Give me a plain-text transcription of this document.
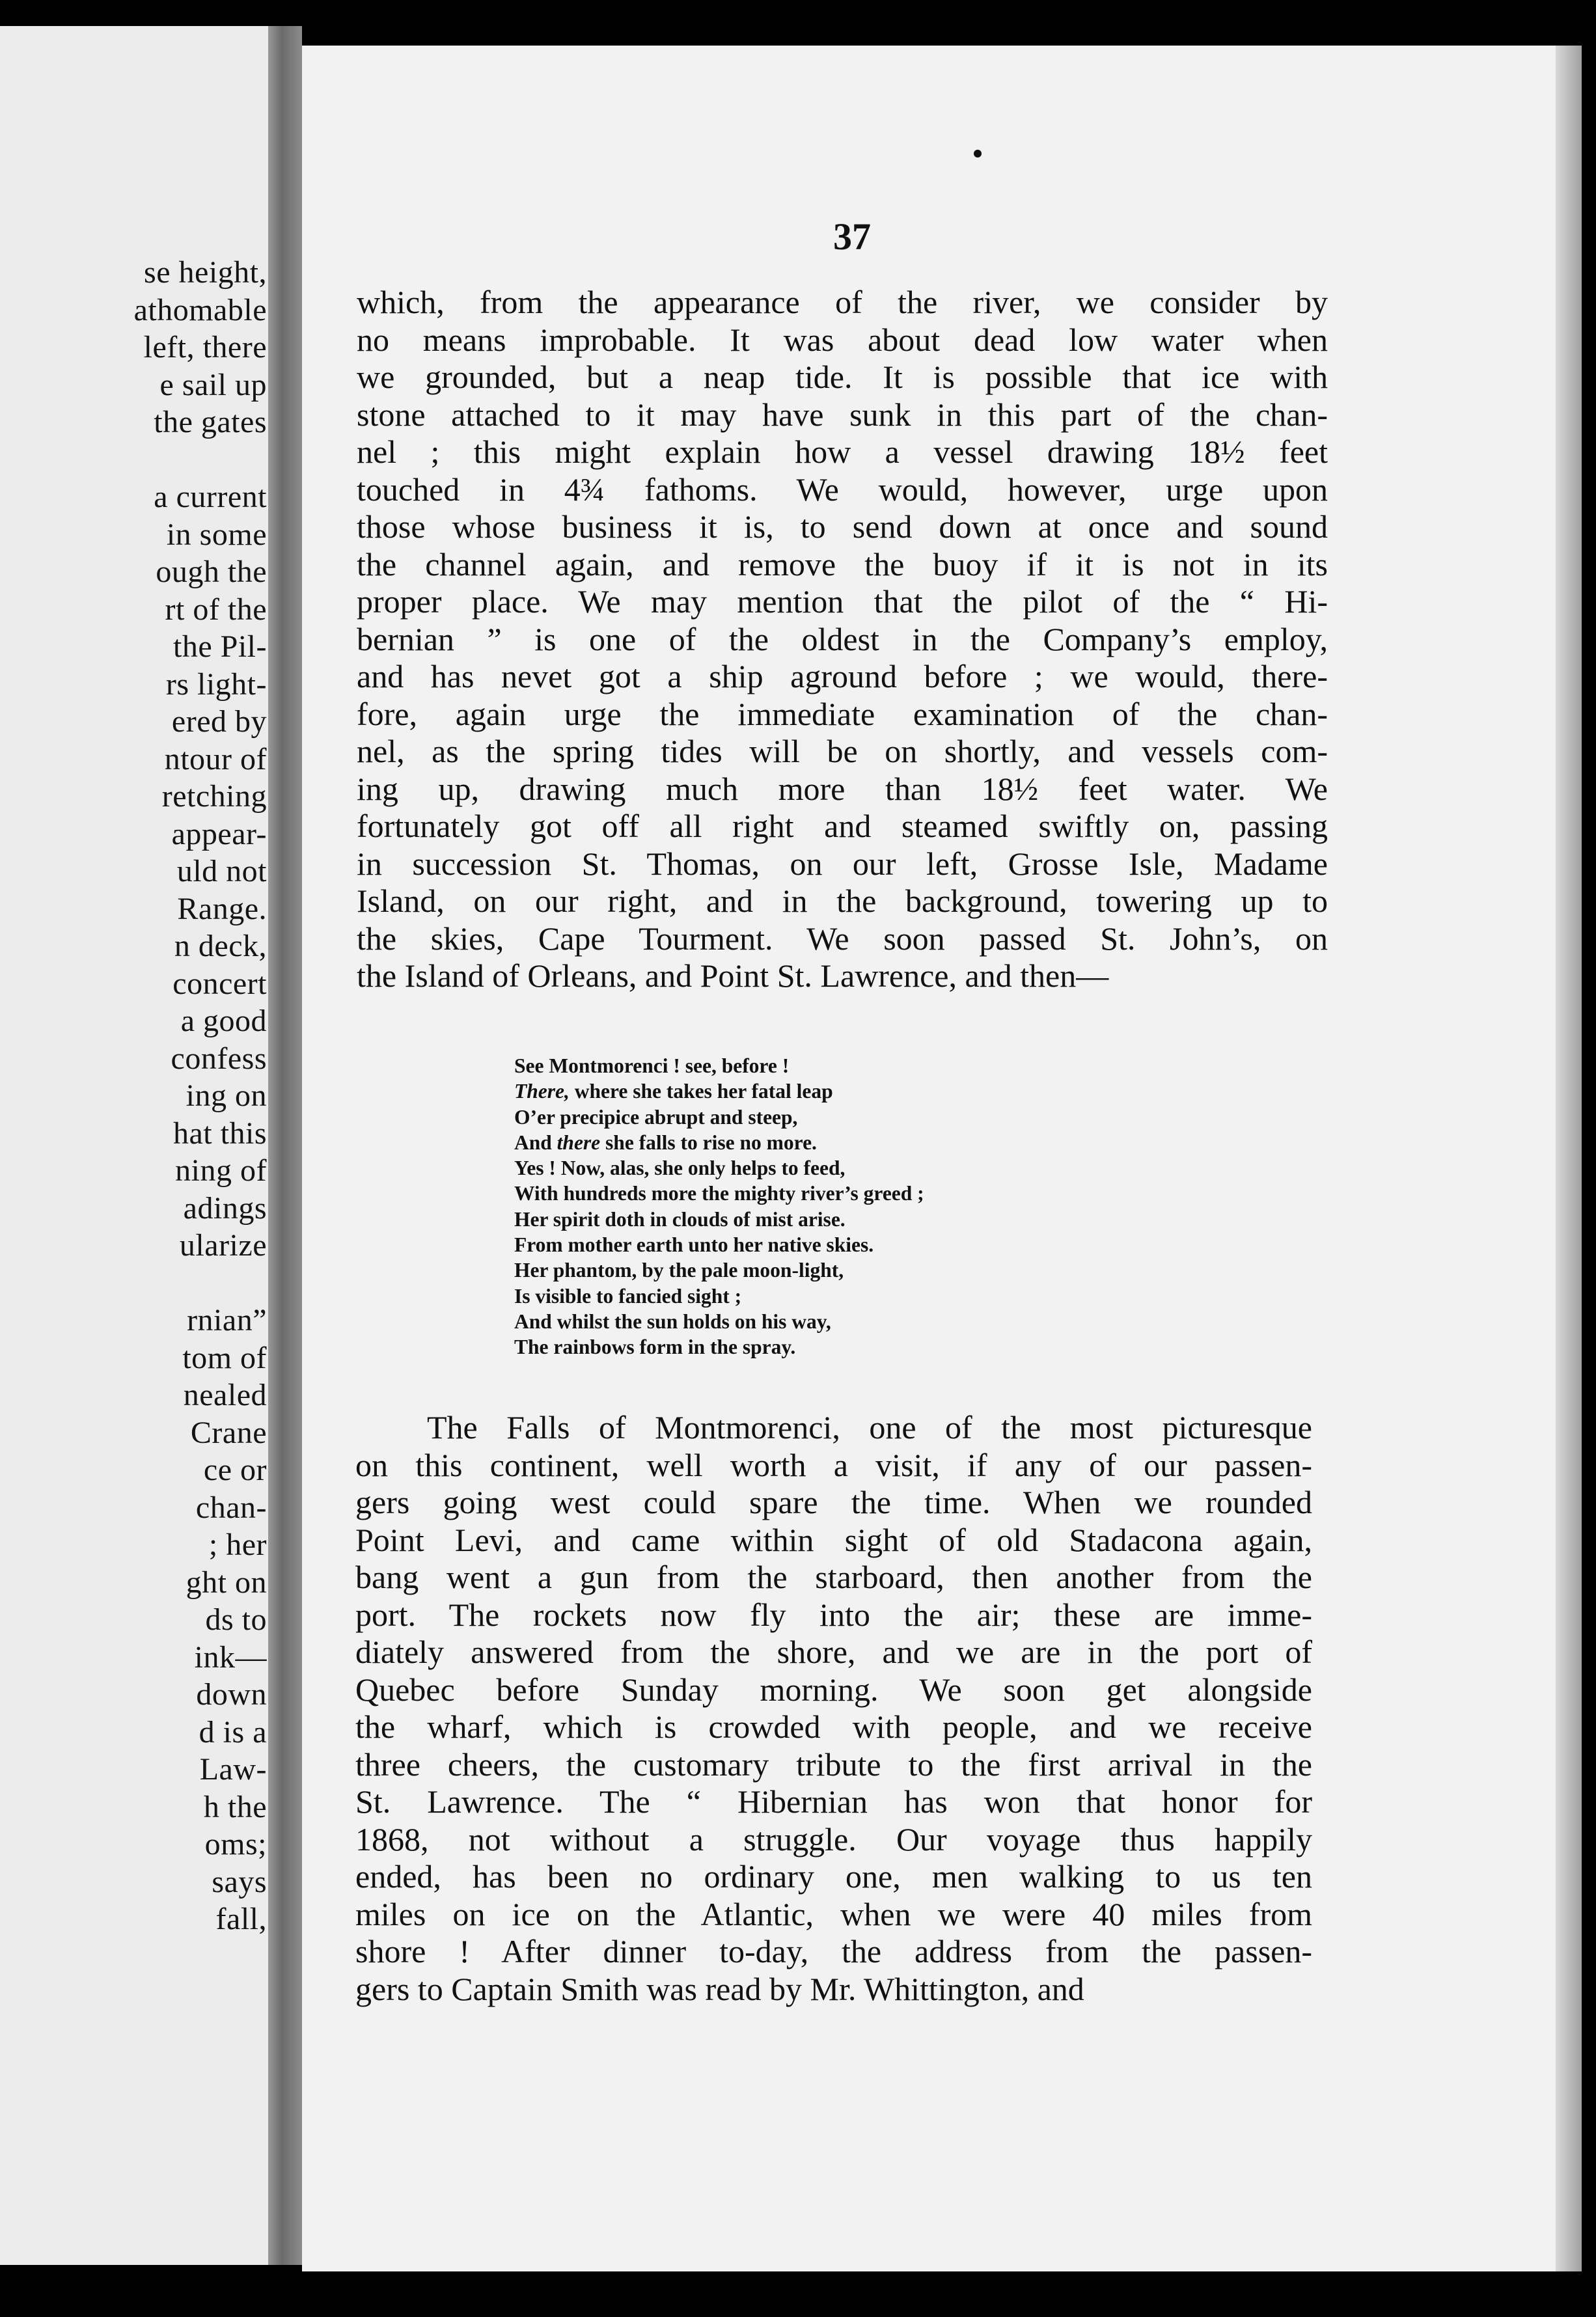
se height,
athomable
left, there
e sail up
the gates
a current
in some
ough the
rt of the
the Pil-
rs light-
ered by
ntour of
retching
appear-
uld not
Range.
n deck,
concert
a good
confess
ing on
hat this
ning of
adings
ularize
rnian”
tom of
nealed
Crane
ce or
chan-
; her
ght on
ds to
ink—
down
d is a
Law-
h the
oms;
says
fall,
37
which, from the appearance of the river, we consider by
no means improbable. It was about dead low water when
we grounded, but a neap tide. It is possible that ice with
stone attached to it may have sunk in this part of the chan-
nel ; this might explain how a vessel drawing 18½ feet
touched in 4¾ fathoms. We would, however, urge upon
those whose business it is, to send down at once and sound
the channel again, and remove the buoy if it is not in its
proper place. We may mention that the pilot of the “ Hi-
bernian ” is one of the oldest in the Company’s employ,
and has nevet got a ship aground before ; we would, there-
fore, again urge the immediate examination of the chan-
nel, as the spring tides will be on shortly, and vessels com-
ing up, drawing much more than 18½ feet water. We
fortunately got off all right and steamed swiftly on, passing
in succession St. Thomas, on our left, Grosse Isle, Madame
Island, on our right, and in the background, towering up to
the skies, Cape Tourment. We soon passed St. John’s, on
the Island of Orleans, and Point St. Lawrence, and then—
See Montmorenci ! see, before !
There, where she takes her fatal leap
O’er precipice abrupt and steep,
And there she falls to rise no more.
Yes ! Now, alas, she only helps to feed,
With hundreds more the mighty river’s greed ;
Her spirit doth in clouds of mist arise.
From mother earth unto her native skies.
Her phantom, by the pale moon-light,
Is visible to fancied sight ;
And whilst the sun holds on his way,
The rainbows form in the spray.
The Falls of Montmorenci, one of the most picturesque
on this continent, well worth a visit, if any of our passen-
gers going west could spare the time. When we rounded
Point Levi, and came within sight of old Stadacona again,
bang went a gun from the starboard, then another from the
port. The rockets now fly into the air; these are imme-
diately answered from the shore, and we are in the port of
Quebec before Sunday morning. We soon get alongside
the wharf, which is crowded with people, and we receive
three cheers, the customary tribute to the first arrival in the
St. Lawrence. The “ Hibernian has won that honor for
1868, not without a struggle. Our voyage thus happily
ended, has been no ordinary one, men walking to us ten
miles on ice on the Atlantic, when we were 40 miles from
shore ! After dinner to-day, the address from the passen-
gers to Captain Smith was read by Mr. Whittington, and
